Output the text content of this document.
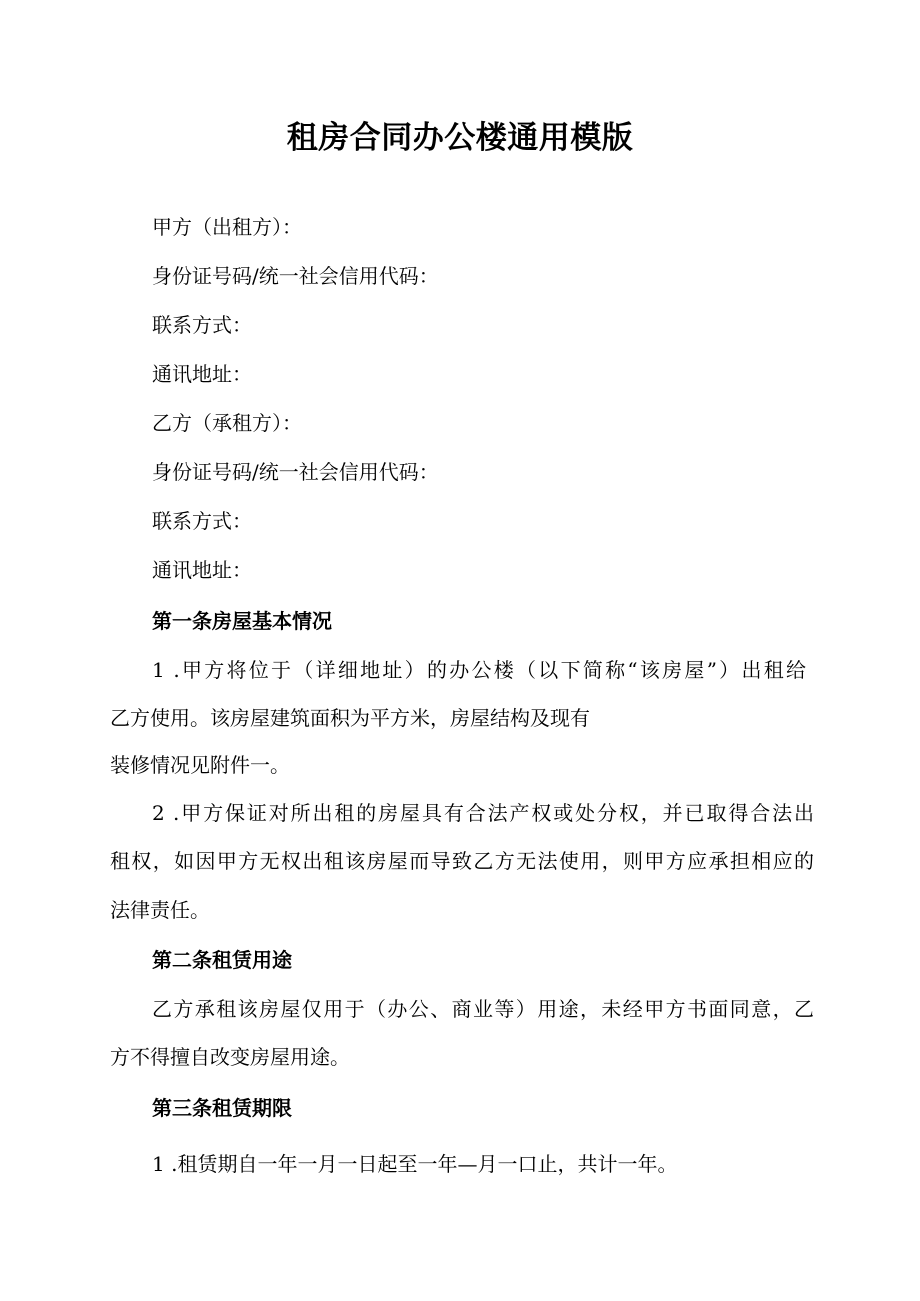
租房合同办公楼通用模版

甲方（出租方）：

身份证号码/统一社会信用代码：

联系方式：

通讯地址：

乙方（承租方）：

身份证号码/统一社会信用代码：

联系方式：

通讯地址：

第一条房屋基本情况

1 .甲方将位于（详细地址）的办公楼（以下简称“该房屋”）出租给

乙方使用。该房屋建筑面积为平方米，房屋结构及现有

装修情况见附件一。

2 .甲方保证对所出租的房屋具有合法产权或处分权，并已取得合法出

租权，如因甲方无权出租该房屋而导致乙方无法使用，则甲方应承担相应的

法律责任。

第二条租赁用途

乙方承租该房屋仅用于（办公、商业等）用途，未经甲方书面同意，乙

方不得擅自改变房屋用途。

第三条租赁期限

1 .租赁期自一年一月一日起至一年—月一口止，共计一年。
